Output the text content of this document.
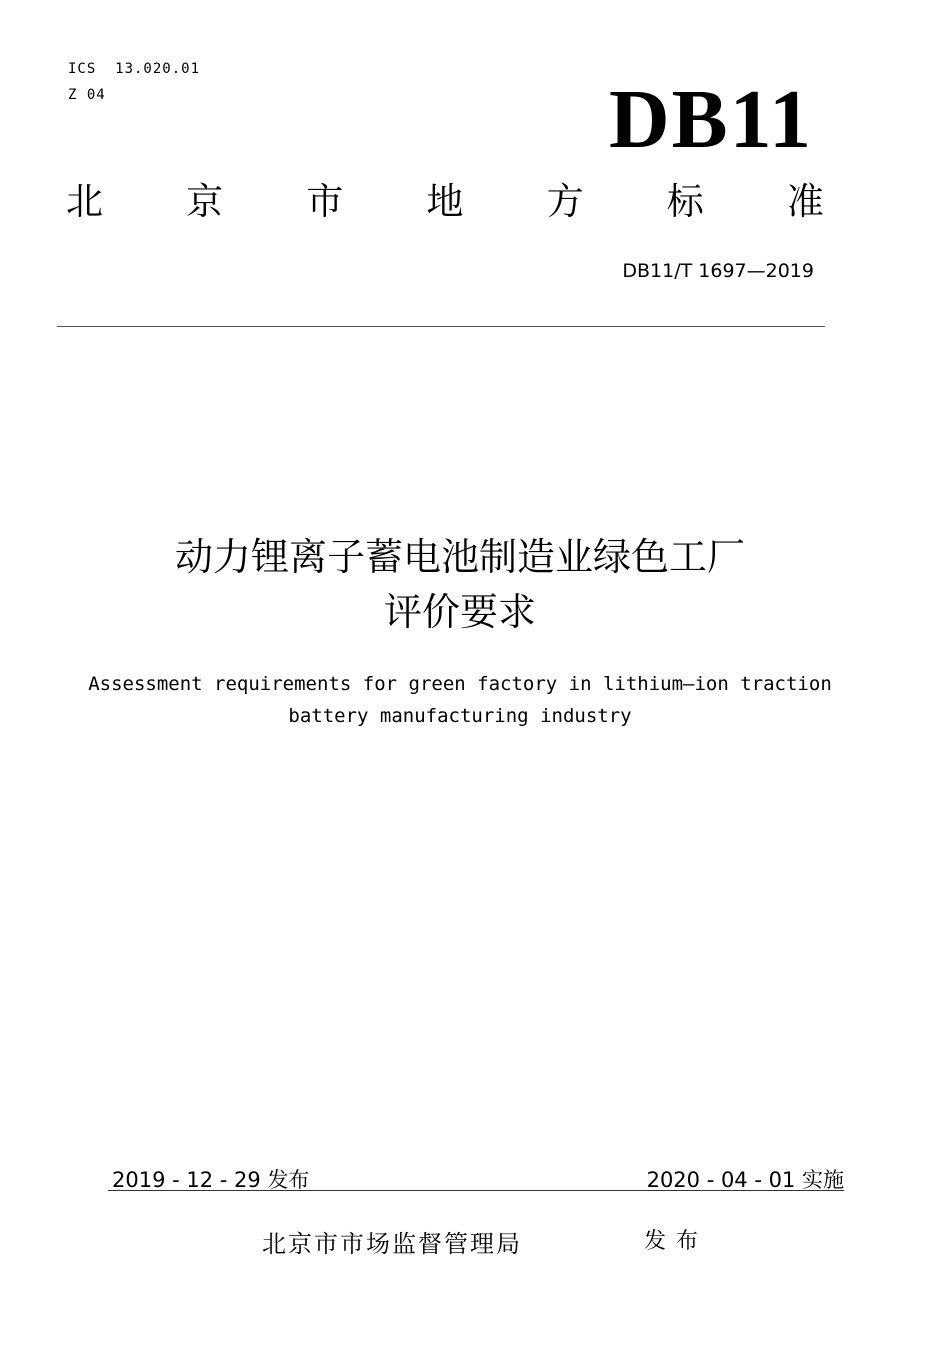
ICS  13.020.01
Z 04	DB11
北 京 市 地 方 标 准
DB11/T 1697—2019
动力锂离子蓄电池制造业绿色工厂
评价要求
Assessment requirements for green factory in lithium—ion traction
battery manufacturing industry
2019 - 12 - 29 发布	2020 - 04 - 01 实施
北京市市场监督管理局	发布
